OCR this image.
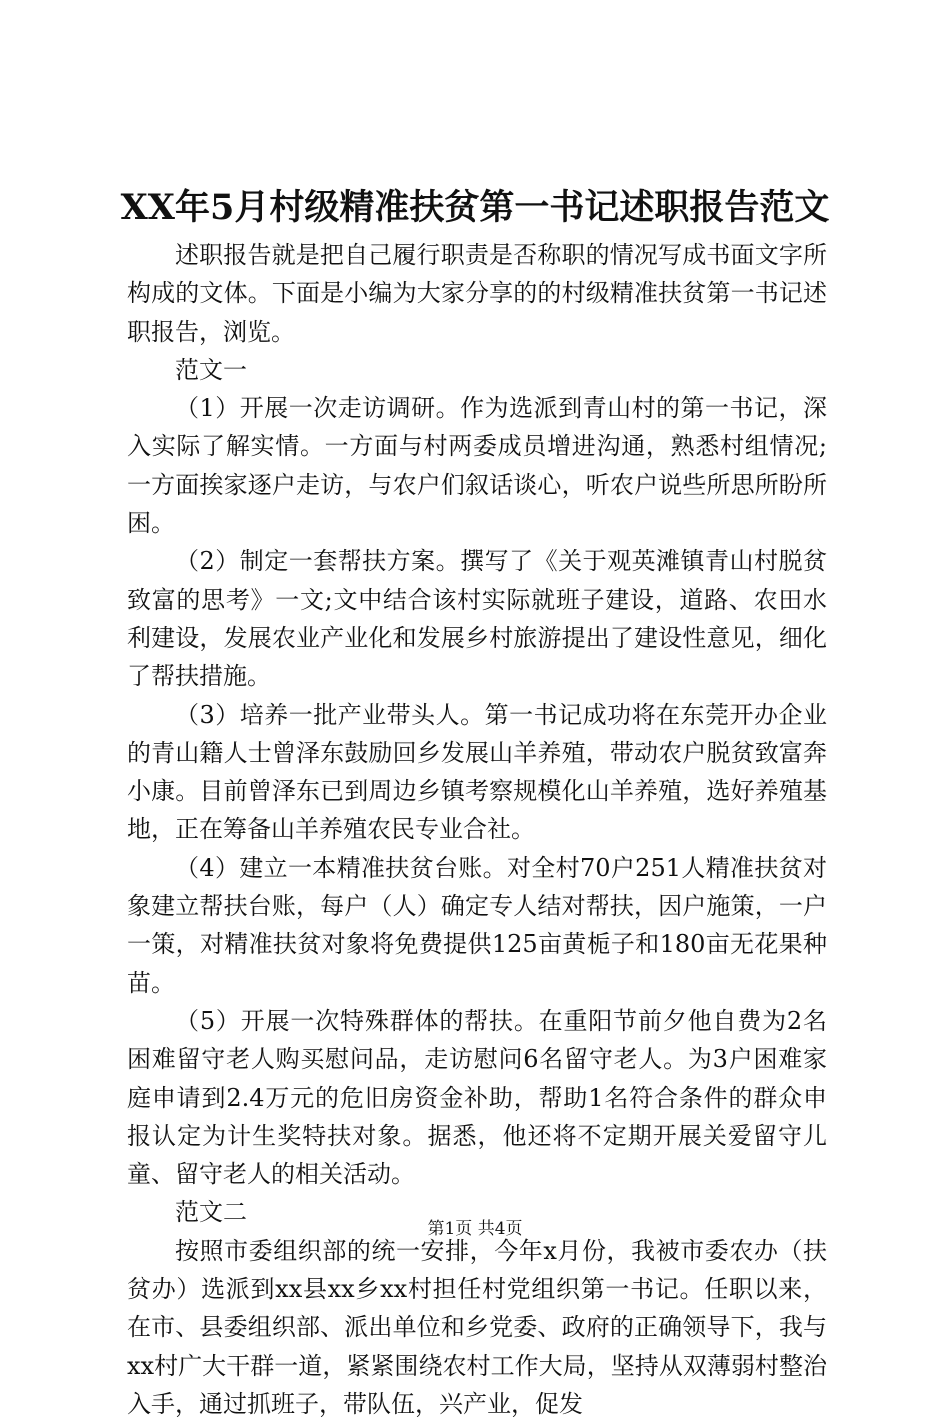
XX年5月村级精准扶贫第一书记述职报告范文

述职报告就是把自己履行职责是否称职的情况写成书面文字所构成的文体。下面是小编为大家分享的的村级精准扶贫第一书记述职报告，浏览。

范文一

（1）开展一次走访调研。作为选派到青山村的第一书记，深入实际了解实情。一方面与村两委成员增进沟通，熟悉村组情况;一方面挨家逐户走访，与农户们叙话谈心，听农户说些所思所盼所困。

（2）制定一套帮扶方案。撰写了《关于观英滩镇青山村脱贫致富的思考》一文;文中结合该村实际就班子建设，道路、农田水利建设，发展农业产业化和发展乡村旅游提出了建设性意见，细化了帮扶措施。

（3）培养一批产业带头人。第一书记成功将在东莞开办企业的青山籍人士曾泽东鼓励回乡发展山羊养殖，带动农户脱贫致富奔小康。目前曾泽东已到周边乡镇考察规模化山羊养殖，选好养殖基地，正在筹备山羊养殖农民专业合社。

（4）建立一本精准扶贫台账。对全村70户251人精准扶贫对象建立帮扶台账，每户（人）确定专人结对帮扶，因户施策，一户一策，对精准扶贫对象将免费提供125亩黄栀子和180亩无花果种苗。

（5）开展一次特殊群体的帮扶。在重阳节前夕他自费为2名困难留守老人购买慰问品，走访慰问6名留守老人。为3户困难家庭申请到2.4万元的危旧房资金补助，帮助1名符合条件的群众申报认定为计生奖特扶对象。据悉，他还将不定期开展关爱留守儿童、留守老人的相关活动。

范文二

按照市委组织部的统一安排，今年x月份，我被市委农办（扶贫办）选派到xx县xx乡xx村担任村党组织第一书记。任职以来，在市、县委组织部、派出单位和乡党委、政府的正确领导下，我与xx村广大干群一道，紧紧围绕农村工作大局，坚持从双薄弱村整治入手，通过抓班子，带队伍，兴产业，促发

第1页 共4页
